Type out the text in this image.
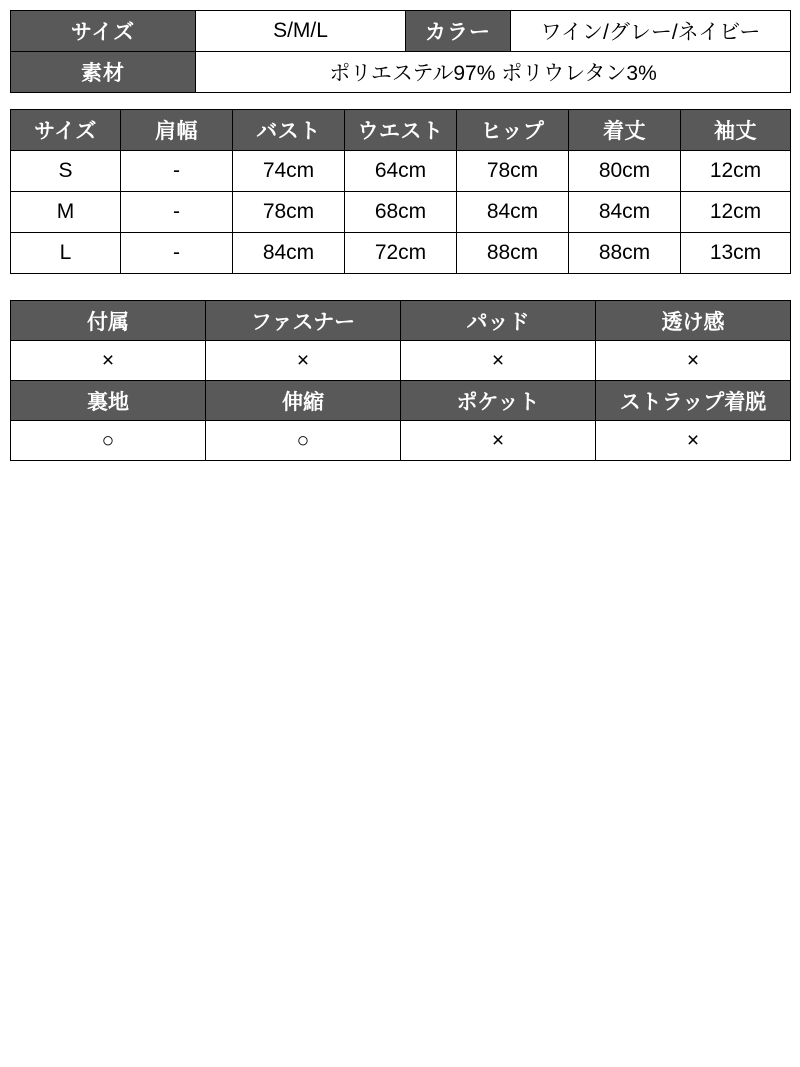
サイズ	S/M/L	カラー	ワイン/グレー/ネイビー
素材	ポリエステル97% ポリウレタン3%		
サイズ	肩幅	バスト	ウエスト	ヒップ	着丈	袖丈
S	-	74cm	64cm	78cm	80cm	12cm
M	-	78cm	68cm	84cm	84cm	12cm
L	-	84cm	72cm	88cm	88cm	13cm
付属	ファスナー	パッド	透け感
×	×	×	×
裏地	伸縮	ポケット	ストラップ着脱
○	○	×	×
